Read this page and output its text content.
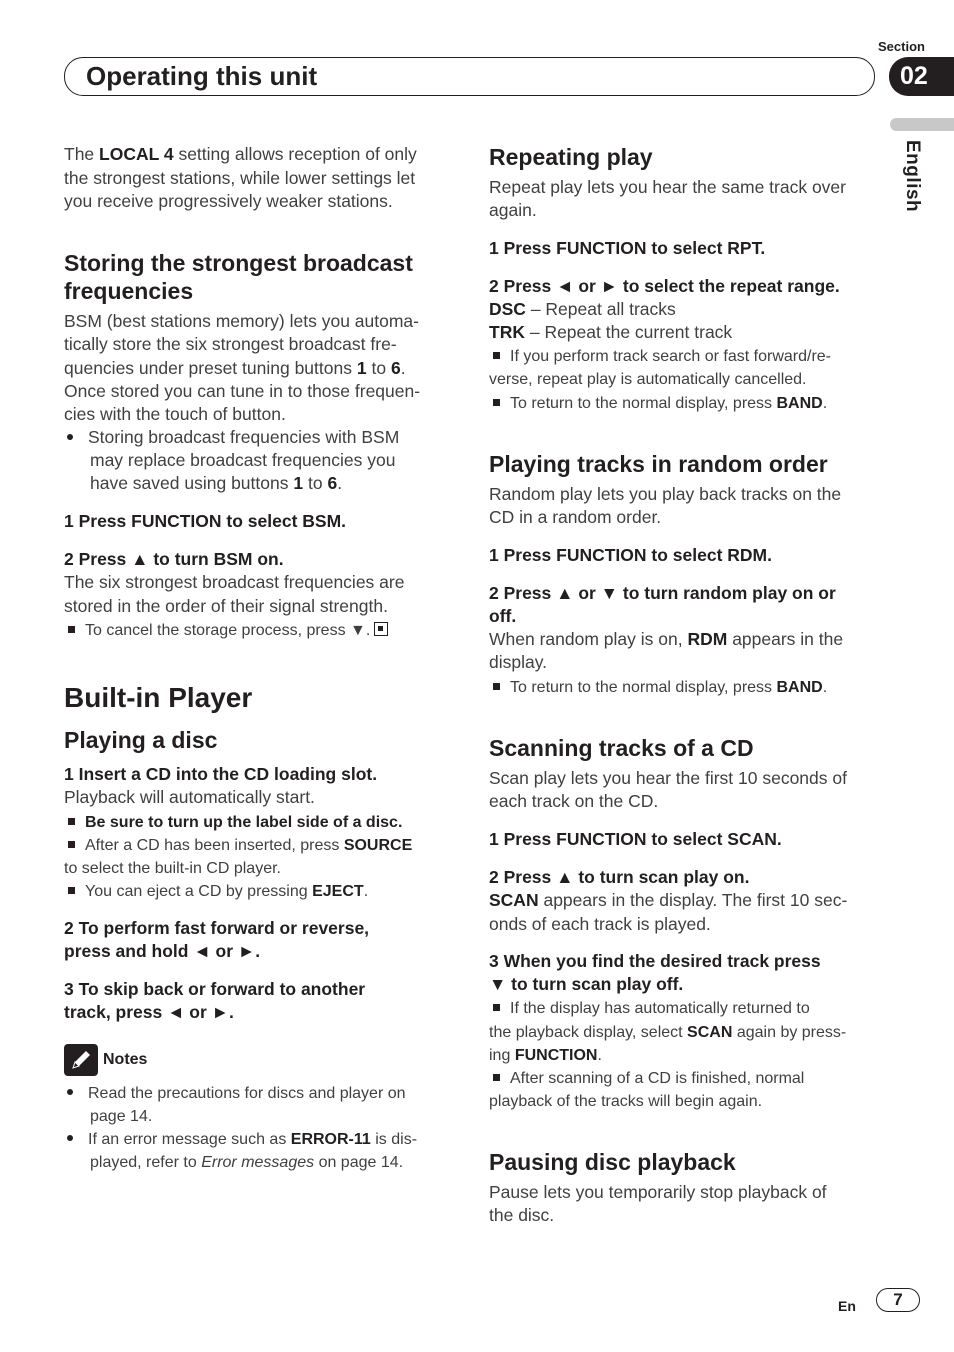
Section
02
Operating this unit
English

The LOCAL 4 setting allows reception of only

the strongest stations, while lower settings let

you receive progressively weaker stations.

Storing the strongest broadcast
frequencies

BSM (best stations memory) lets you automa-

tically store the six strongest broadcast fre-

quencies under preset tuning buttons 1 to 6.

Once stored you can tune in to those frequen-

cies with the touch of button.

Storing broadcast frequencies with BSM

may replace broadcast frequencies you

have saved using buttons 1 to 6.

1 Press FUNCTION to select BSM.

2 Press ▲ to turn BSM on.

The six strongest broadcast frequencies are

stored in the order of their signal strength.

To cancel the storage process, press ▼.

Built-in Player
Playing a disc

1 Insert a CD into the CD loading slot.

Playback will automatically start.

Be sure to turn up the label side of a disc.

After a CD has been inserted, press SOURCE

to select the built-in CD player.

You can eject a CD by pressing EJECT.

2 To perform fast forward or reverse,

press and hold ◄ or ►.

3 To skip back or forward to another

track, press ◄ or ►.

Notes

Read the precautions for discs and player on

page 14.

If an error message such as ERROR-11 is dis-

played, refer to Error messages on page 14.

Repeating play

Repeat play lets you hear the same track over

again.

1 Press FUNCTION to select RPT.

2 Press ◄ or ► to select the repeat range.

DSC – Repeat all tracks

TRK – Repeat the current track

If you perform track search or fast forward/re-

verse, repeat play is automatically cancelled.

To return to the normal display, press BAND.

Playing tracks in random order

Random play lets you play back tracks on the

CD in a random order.

1 Press FUNCTION to select RDM.

2 Press ▲ or ▼ to turn random play on or

off.

When random play is on, RDM appears in the

display.

To return to the normal display, press BAND.

Scanning tracks of a CD

Scan play lets you hear the first 10 seconds of

each track on the CD.

1 Press FUNCTION to select SCAN.

2 Press ▲ to turn scan play on.

SCAN appears in the display. The first 10 sec-

onds of each track is played.

3 When you find the desired track press

▼ to turn scan play off.

If the display has automatically returned to

the playback display, select SCAN again by press-

ing FUNCTION.

After scanning of a CD is finished, normal

playback of the tracks will begin again.

Pausing disc playback

Pause lets you temporarily stop playback of

the disc.

En	7
